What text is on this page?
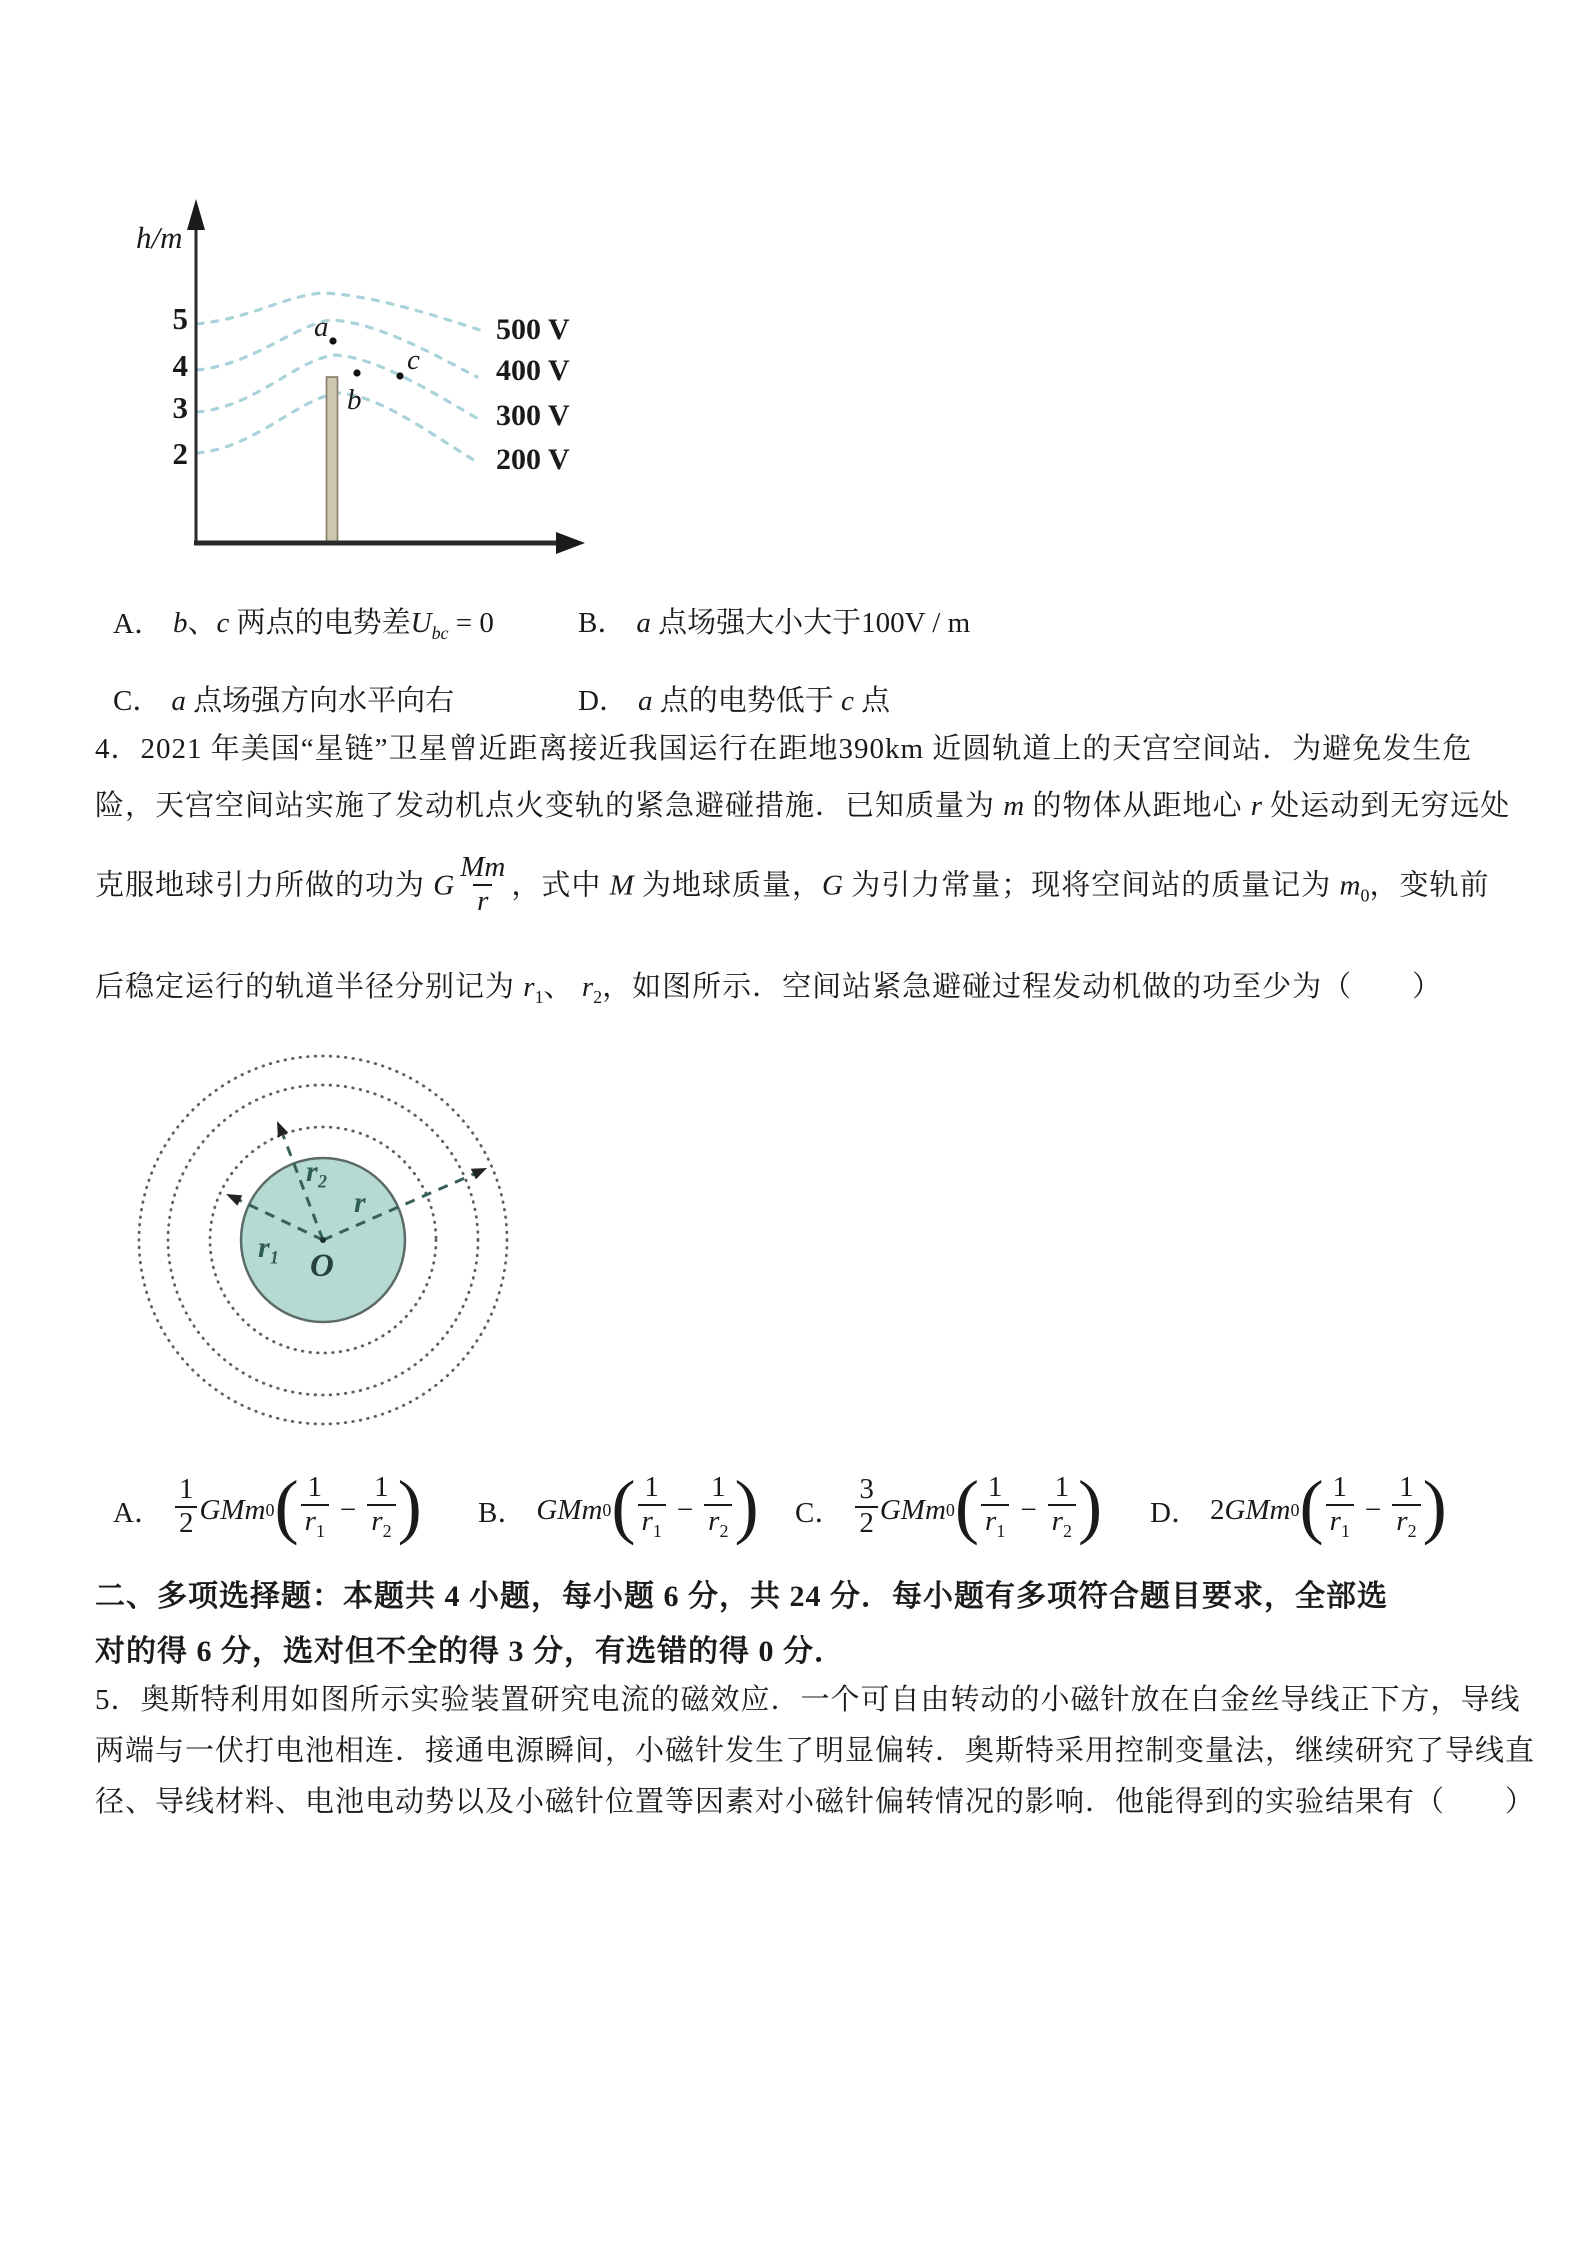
h/m
5
4
3
2
500 V
400 V
300 V
200 V
a
b
c
A． b、c 两点的电势差$U_{bc} = 0$	B． a 点场强大小大于100V / m
C． a 点场强方向水平向右	D． a 点的电势低于 c 点
4．2021 年美国“星链”卫星曾近距离接近我国运行在距地390km 近圆轨道上的天宫空间站．为避免发生危
险，天宫空间站实施了发动机点火变轨的紧急避碰措施．已知质量为 m 的物体从距地心 r 处运动到无穷远处
克服地球引力所做的功为 G $\frac{Mm}{r}$ ，式中 M 为地球质量，G 为引力常量；现将空间站的质量记为 $m_0$，变轨前
后稳定运行的轨道半径分别记为 $r_1$、 $r_2$，如图所示．空间站紧急避碰过程发动机做的功至少为（　　）
r₂
r
r₁
O
A．
1
2 GMm 0 ( 1
$r_1$
− $\frac{1}{r_2}$ ) B． GMm 0 ( 1
$r_1$
− $\frac{1}{r_2}$ ) C．
3
2 GMm 0 ( 1
$r_1$
− $\frac{1}{r_2}$ ) D． 2 GMm 0 ( 1
$r_1$
− $\frac{1}{r_2}$ )
二、多项选择题：本题共 4 小题，每小题 6 分，共 24 分．每小题有多项符合题目要求，全部选
对的得 6 分，选对但不全的得 3 分，有选错的得 0 分．
5．奥斯特利用如图所示实验装置研究电流的磁效应．一个可自由转动的小磁针放在白金丝导线正下方，导线
两端与一伏打电池相连．接通电源瞬间，小磁针发生了明显偏转．奥斯特采用控制变量法，继续研究了导线直
径、导线材料、电池电动势以及小磁针位置等因素对小磁针偏转情况的影响．他能得到的实验结果有（　　）
